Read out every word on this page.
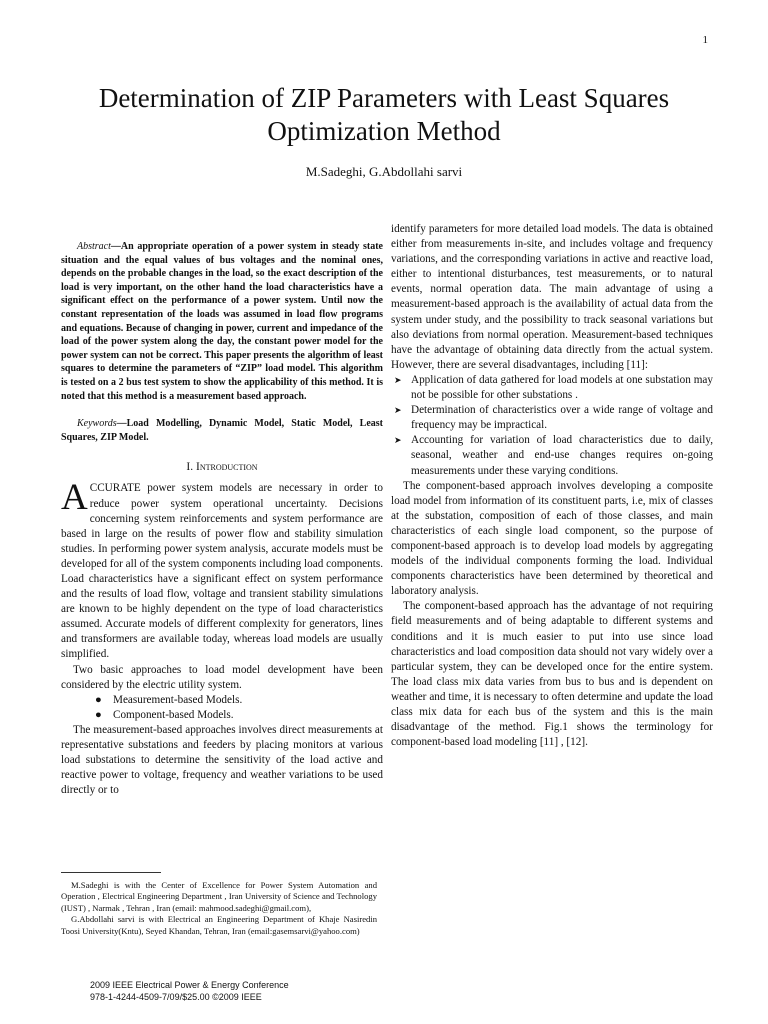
1
Determination of ZIP Parameters with Least Squares Optimization Method
M.Sadeghi, G.Abdollahi sarvi

Abstract—An appropriate operation of a power system in steady state situation and the equal values of bus voltages and the nominal ones, depends on the probable changes in the load, so the exact description of the load is very important, on the other hand the load characteristics have a significant effect on the performance of a power system. Until now the constant representation of the loads was assumed in load flow programs and equations. Because of changing in power, current and impedance of the load of the power system along the day, the constant power model for the power system can not be correct. This paper presents the algorithm of least squares to determine the parameters of “ZIP” load model. This algorithm is tested on a 2 bus test system to show the applicability of this method. It is noted that this method is a measurement based approach.

Keywords—Load Modelling, Dynamic Model, Static Model, Least Squares, ZIP Model.

I. Introduction

ACCURATE power system models are necessary in order to reduce power system operational uncertainty. Decisions concerning system reinforcements and system performance are based in large on the results of power flow and stability simulation studies. In performing power system analysis, accurate models must be developed for all of the system components including load components. Load characteristics have a significant effect on system performance and the results of load flow, voltage and transient stability simulations are known to be highly dependent on the type of load characteristics assumed. Accurate models of different complexity for generators, lines and transformers are available today, whereas load models are usually simplified.

Two basic approaches to load model development have been considered by the electric utility system.

● Measurement-based Models.
● Component-based Models.

The measurement-based approaches involves direct measurements at representative substations and feeders by placing monitors at various load substations to determine the sensitivity of the load active and reactive power to voltage, frequency and weather variations to be used directly or to

identify parameters for more detailed load models. The data is obtained either from measurements in-site, and includes voltage and frequency variations, and the corresponding variations in active and reactive load, either to intentional disturbances, test measurements, or to natural events, normal operation data. The main advantage of using a measurement-based approach is the availability of actual data from the system under study, and the possibility to track seasonal variations but also deviations from normal operation. Measurement-based techniques have the advantage of obtaining data directly from the actual system. However, there are several disadvantages, including [11]:

➤ Application of data gathered for load models at one substation may not be possible for other substations .
➤ Determination of characteristics over a wide range of voltage and frequency may be impractical.
➤ Accounting for variation of load characteristics due to daily, seasonal, weather and end-use changes requires on-going measurements under these varying conditions.

The component-based approach involves developing a composite load model from information of its constituent parts, i.e, mix of classes at the substation, composition of each of those classes, and main characteristics of each single load component, so the purpose of component-based approach is to develop load models by aggregating models of the individual components forming the load. Individual components characteristics have been determined by theoretical and laboratory analysis.

The component-based approach has the advantage of not requiring field measurements and of being adaptable to different systems and conditions and it is much easier to put into use since load characteristics and load composition data should not vary widely over a particular system, they can be developed once for the entire system. The load class mix data varies from bus to bus and is dependent on weather and time, it is necessary to often determine and update the load class mix data for each bus of the system and this is the main disadvantage of the method. Fig.1 shows the terminology for component-based load modeling [11] , [12].

M.Sadeghi is with the Center of Excellence for Power System Automation and Operation , Electrical Engineering Department , Iran University of Science and Technology (IUST) , Narmak , Tehran , Iran (email: mahmood.sadeghi@gmail.com),

G.Abdollahi sarvi is with Electrical an Engineering Department of Khaje Nasiredin Toosi University(Kntu), Seyed Khandan, Tehran, Iran (email:gasemsarvi@yahoo.com)

2009 IEEE Electrical Power & Energy Conference
978-1-4244-4509-7/09/$25.00 ©2009 IEEE
